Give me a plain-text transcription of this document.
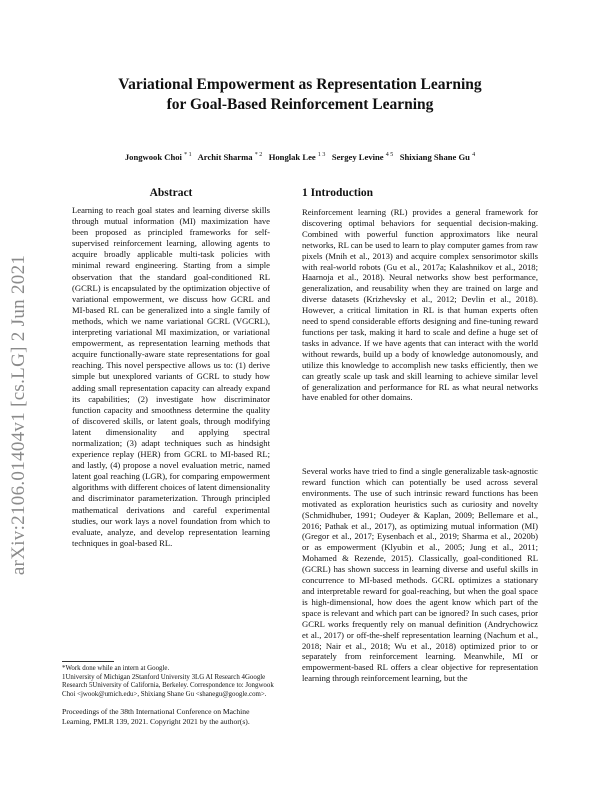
arXiv:2106.01404v1 [cs.LG] 2 Jun 2021
Variational Empowerment as Representation Learning
for Goal-Based Reinforcement Learning
Jongwook Choi $^{* 1}$ Archit Sharma $^{* 2}$ Honglak Lee $^{1 3}$ Sergey Levine $^{4 5}$ Shixiang Shane Gu $^4$
Abstract

Learning to reach goal states and learning diverse skills through mutual information (MI) maximization have been proposed as principled frameworks for self-supervised reinforcement learning, allowing agents to acquire broadly applicable multi-task policies with minimal reward engineering. Starting from a simple observation that the standard goal-conditioned RL (GCRL) is encapsulated by the optimization objective of variational empowerment, we discuss how GCRL and MI-based RL can be generalized into a single family of methods, which we name variational GCRL (VGCRL), interpreting variational MI maximization, or variational empowerment, as representation learning methods that acquire functionally-aware state representations for goal reaching. This novel perspective allows us to: (1) derive simple but unexplored variants of GCRL to study how adding small representation capacity can already expand its capabilities; (2) investigate how discriminator function capacity and smoothness determine the quality of discovered skills, or latent goals, through modifying latent dimensionality and applying spectral normalization; (3) adapt techniques such as hindsight experience replay (HER) from GCRL to MI-based RL; and lastly, (4) propose a novel evaluation metric, named latent goal reaching (LGR), for comparing empowerment algorithms with different choices of latent dimensionality and discriminator parameterization. Through principled mathematical derivations and careful experimental studies, our work lays a novel foundation from which to evaluate, analyze, and develop representation learning techniques in goal-based RL.

1 Introduction

Reinforcement learning (RL) provides a general framework for discovering optimal behaviors for sequential decision-making. Combined with powerful function approximators like neural networks, RL can be used to learn to play computer games from raw pixels (Mnih et al., 2013) and acquire complex sensorimotor skills with real-world robots (Gu et al., 2017a; Kalashnikov et al., 2018; Haarnoja et al., 2018). Neural networks show best performance, generalization, and reusability when they are trained on large and diverse datasets (Krizhevsky et al., 2012; Devlin et al., 2018). However, a critical limitation in RL is that human experts often need to spend considerable efforts designing and fine-tuning reward functions per task, making it hard to scale and define a huge set of tasks in advance. If we have agents that can interact with the world without rewards, build up a body of knowledge autonomously, and utilize this knowledge to accomplish new tasks efficiently, then we can greatly scale up task and skill learning to achieve similar level of generalization and performance for RL as what neural networks have enabled for other domains.

Several works have tried to find a single generalizable task-agnostic reward function which can potentially be used across several environments. The use of such intrinsic reward functions has been motivated as exploration heuristics such as curiosity and novelty (Schmidhuber, 1991; Oudeyer & Kaplan, 2009; Bellemare et al., 2016; Pathak et al., 2017), as optimizing mutual information (MI) (Gregor et al., 2017; Eysenbach et al., 2019; Sharma et al., 2020b) or as empowerment (Klyubin et al., 2005; Jung et al., 2011; Mohamed & Rezende, 2015). Classically, goal-conditioned RL (GCRL) has shown success in learning diverse and useful skills in concurrence to MI-based methods. GCRL optimizes a stationary and interpretable reward for goal-reaching, but when the goal space is high-dimensional, how does the agent know which part of the space is relevant and which part can be ignored? In such cases, prior GCRL works frequently rely on manual definition (Andrychowicz et al., 2017) or off-the-shelf representation learning (Nachum et al., 2018; Nair et al., 2018; Wu et al., 2018) optimized prior to or separately from reinforcement learning. Meanwhile, MI or empowerment-based RL offers a clear objective for representation learning through reinforcement learning, but the

*Work done while an intern at Google.

1University of Michigan 2Stanford University 3LG AI Research 4Google Research 5University of California, Berkeley. Correspondence to: Jongwook Choi <jwook@umich.edu>, Shixiang Shane Gu <shanegu@google.com>.

Proceedings of the 38th International Conference on Machine Learning, PMLR 139, 2021. Copyright 2021 by the author(s).
